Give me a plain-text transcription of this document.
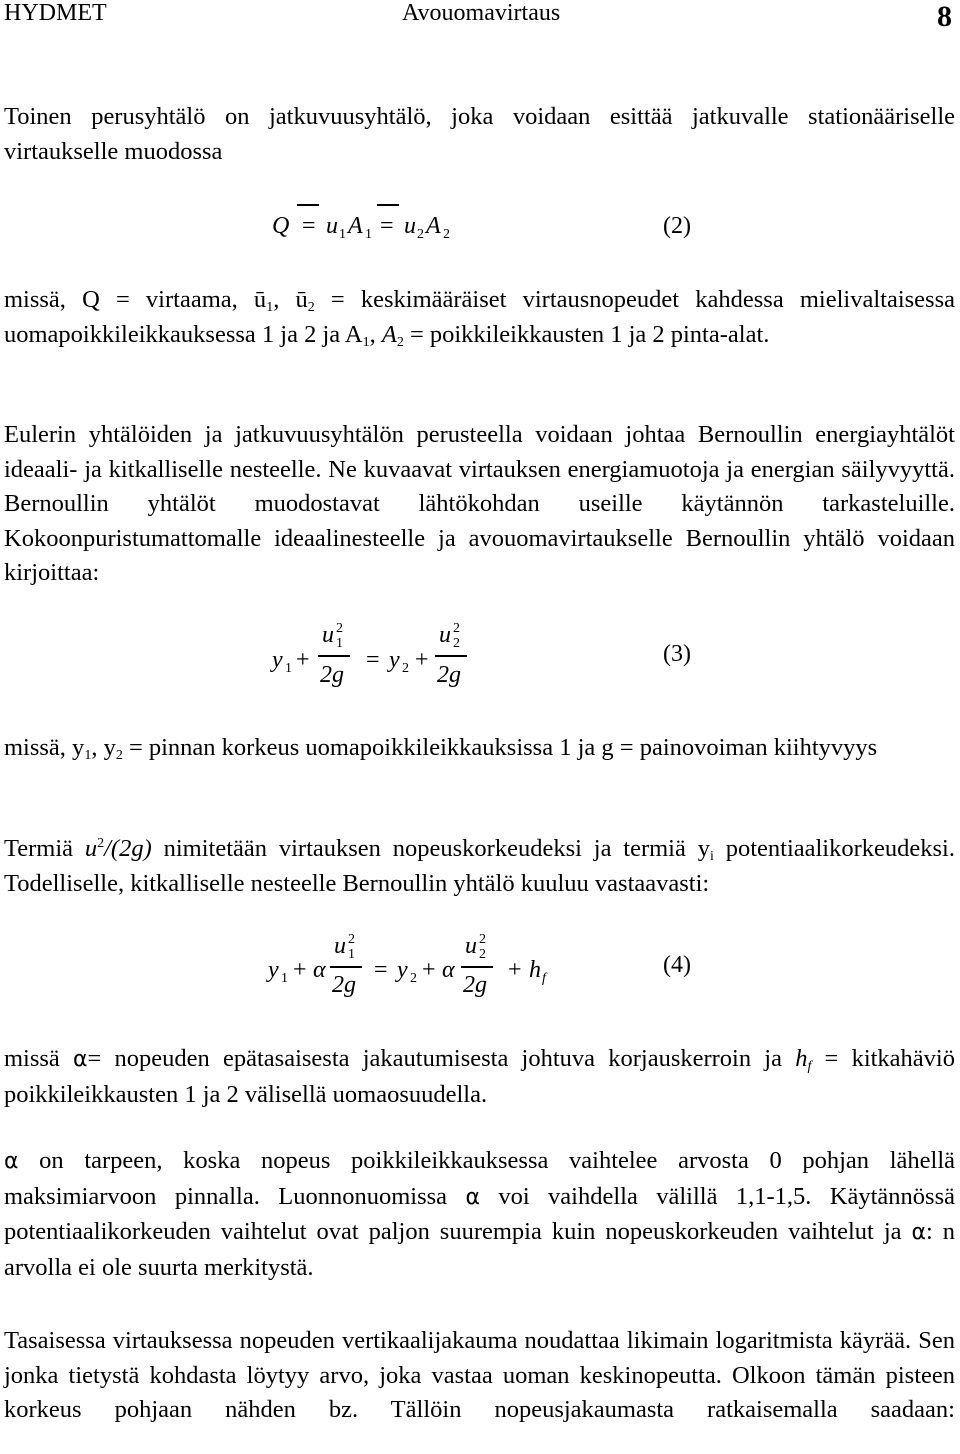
HYDMET	Avouomavirtaus	8

Toinen perusyhtälö on jatkuvuusyhtälö, joka voidaan esittää jatkuvalle stationääriselle virtaukselle muodossa

Q = u 1 A 1 = u 2 A 2	(2)

missä, Q = virtaama, $ū_1$, $ū_2$ = keskimääräiset virtausnopeudet kahdessa mielivaltaisessa uomapoikkileikkauksessa 1 ja 2 ja $A_1$, $A_2$ = poikkileikkausten 1 ja 2 pinta-alat.

Eulerin yhtälöiden ja jatkuvuusyhtälön perusteella voidaan johtaa Bernoullin energiayhtälöt ideaali- ja kitkalliselle nesteelle. Ne kuvaavat virtauksen energiamuotoja ja energian säilyvyyttä. Bernoullin yhtälöt muodostavat lähtökohdan useille käytännön tarkasteluille. Kokoonpuristumattomalle ideaalinesteelle ja avouomavirtaukselle Bernoullin yhtälö voidaan kirjoittaa:

y 1 +
u 2
1
2g
= y 2 +
u 2
2
2g
(3)

missä, $y_1$, $y_2$ = pinnan korkeus uomapoikkileikkauksissa 1 ja g = painovoiman kiihtyvyys

Termiä $u^2/(2g)$ nimitetään virtauksen nopeuskorkeudeksi ja termiä $y_i$ potentiaalikorkeudeksi. Todelliselle, kitkalliselle nesteelle Bernoullin yhtälö kuuluu vastaavasti:

y 1 + α
u 2
1
2g
= y 2 + α
u 2
2
2g
+ h f
(4)

missä α= nopeuden epätasaisesta jakautumisesta johtuva korjauskerroin ja $h_f$ = kitkahäviö poikkileikkausten 1 ja 2 välisellä uomaosuudella.

α on tarpeen, koska nopeus poikkileikkauksessa vaihtelee arvosta 0 pohjan lähellä maksimiarvoon pinnalla. Luonnonuomissa α voi vaihdella välillä 1,1-1,5. Käytännössä potentiaalikorkeuden vaihtelut ovat paljon suurempia kuin nopeuskorkeuden vaihtelut ja α: n arvolla ei ole suurta merkitystä.

Tasaisessa virtauksessa nopeuden vertikaalijakauma noudattaa likimain logaritmista käyrää. Sen jonka tietystä kohdasta löytyy arvo, joka vastaa uoman keskinopeutta. Olkoon tämän pisteen korkeus pohjaan nähden bz. Tällöin nopeusjakaumasta ratkaisemalla saadaan:
